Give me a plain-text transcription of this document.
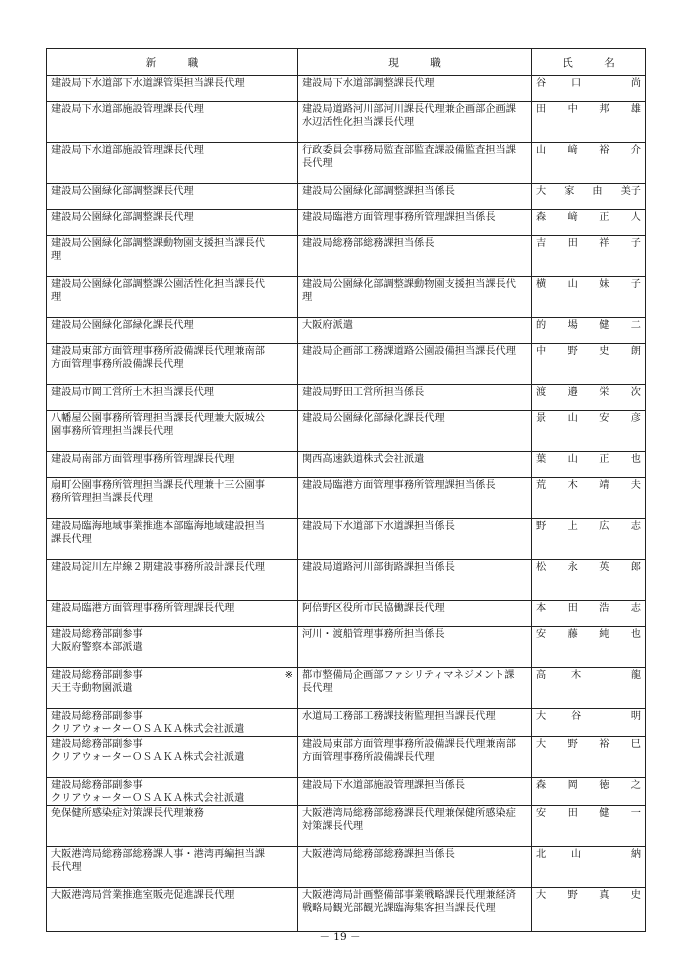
新　　　職	現　　　職	氏　　　名

建設局下水道部下水道課管渠担当課長代理	建設局下水道部調整課長代理	谷 口 尚

建設局下水道部施設管理課長代理	建設局道路河川部河川課長代理兼企画部企画課
水辺活性化担当課長代理	田 中 邦 雄

建設局下水道部施設管理課長代理	行政委員会事務局監査部監査課設備監査担当課
長代理	山 﨑 裕 介

建設局公園緑化部調整課長代理	建設局公園緑化部調整課担当係長	大 家 由 美子

建設局公園緑化部調整課長代理	建設局臨港方面管理事務所管理課担当係長	森 﨑 正 人

建設局公園緑化部調整課動物園支援担当課長代
理	建設局総務部総務課担当係長	吉 田 祥 子

建設局公園緑化部調整課公園活性化担当課長代
理	建設局公園緑化部調整課動物園支援担当課長代
理	横 山 妹 子

建設局公園緑化部緑化課長代理	大阪府派遣	的 場 健 二

建設局東部方面管理事務所設備課長代理兼南部
方面管理事務所設備課長代理	建設局企画部工務課道路公園設備担当課長代理	中 野 史 朗

建設局市岡工営所土木担当課長代理	建設局野田工営所担当係長	渡 邉 栄 次

八幡屋公園事務所管理担当課長代理兼大阪城公
園事務所管理担当課長代理	建設局公園緑化部緑化課長代理	景 山 安 彦

建設局南部方面管理事務所管理課長代理	関西高速鉄道株式会社派遣	葉 山 正 也

扇町公園事務所管理担当課長代理兼十三公園事
務所管理担当課長代理	建設局臨港方面管理事務所管理課担当係長	荒 木 靖 夫

建設局臨海地域事業推進本部臨海地域建設担当
課長代理	建設局下水道部下水道課担当係長	野 上 広 志

建設局淀川左岸線２期建設事務所設計課長代理	建設局道路河川部街路課担当係長	松 永 英 郎

建設局臨港方面管理事務所管理課長代理	阿倍野区役所市民協働課長代理	本 田 浩 志

建設局総務部副参事
大阪府警察本部派遣	河川・渡船管理事務所担当係長	安 藤 純 也

※
建設局総務部副参事
天王寺動物園派遣	都市整備局企画部ファシリティマネジメント課
長代理	高 木 龍

建設局総務部副参事
クリアウォーターＯＳＡＫＡ株式会社派遣	水道局工務部工務課技術監理担当課長代理	大 谷 明

建設局総務部副参事
クリアウォーターＯＳＡＫＡ株式会社派遣	建設局東部方面管理事務所設備課長代理兼南部
方面管理事務所設備課長代理	大 野 裕 巳

建設局総務部副参事
クリアウォーターＯＳＡＫＡ株式会社派遣	建設局下水道部施設管理課担当係長	森 岡 徳 之

免保健所感染症対策課長代理兼務	大阪港湾局総務部総務課長代理兼保健所感染症
対策課長代理	安 田 健 一

大阪港湾局総務部総務課人事・港湾再編担当課
長代理	大阪港湾局総務部総務課担当係長	北 山 納

大阪港湾局営業推進室販売促進課長代理	大阪港湾局計画整備部事業戦略課長代理兼経済
戦略局観光部観光課臨海集客担当課長代理	大 野 真 史
－ 19 －
